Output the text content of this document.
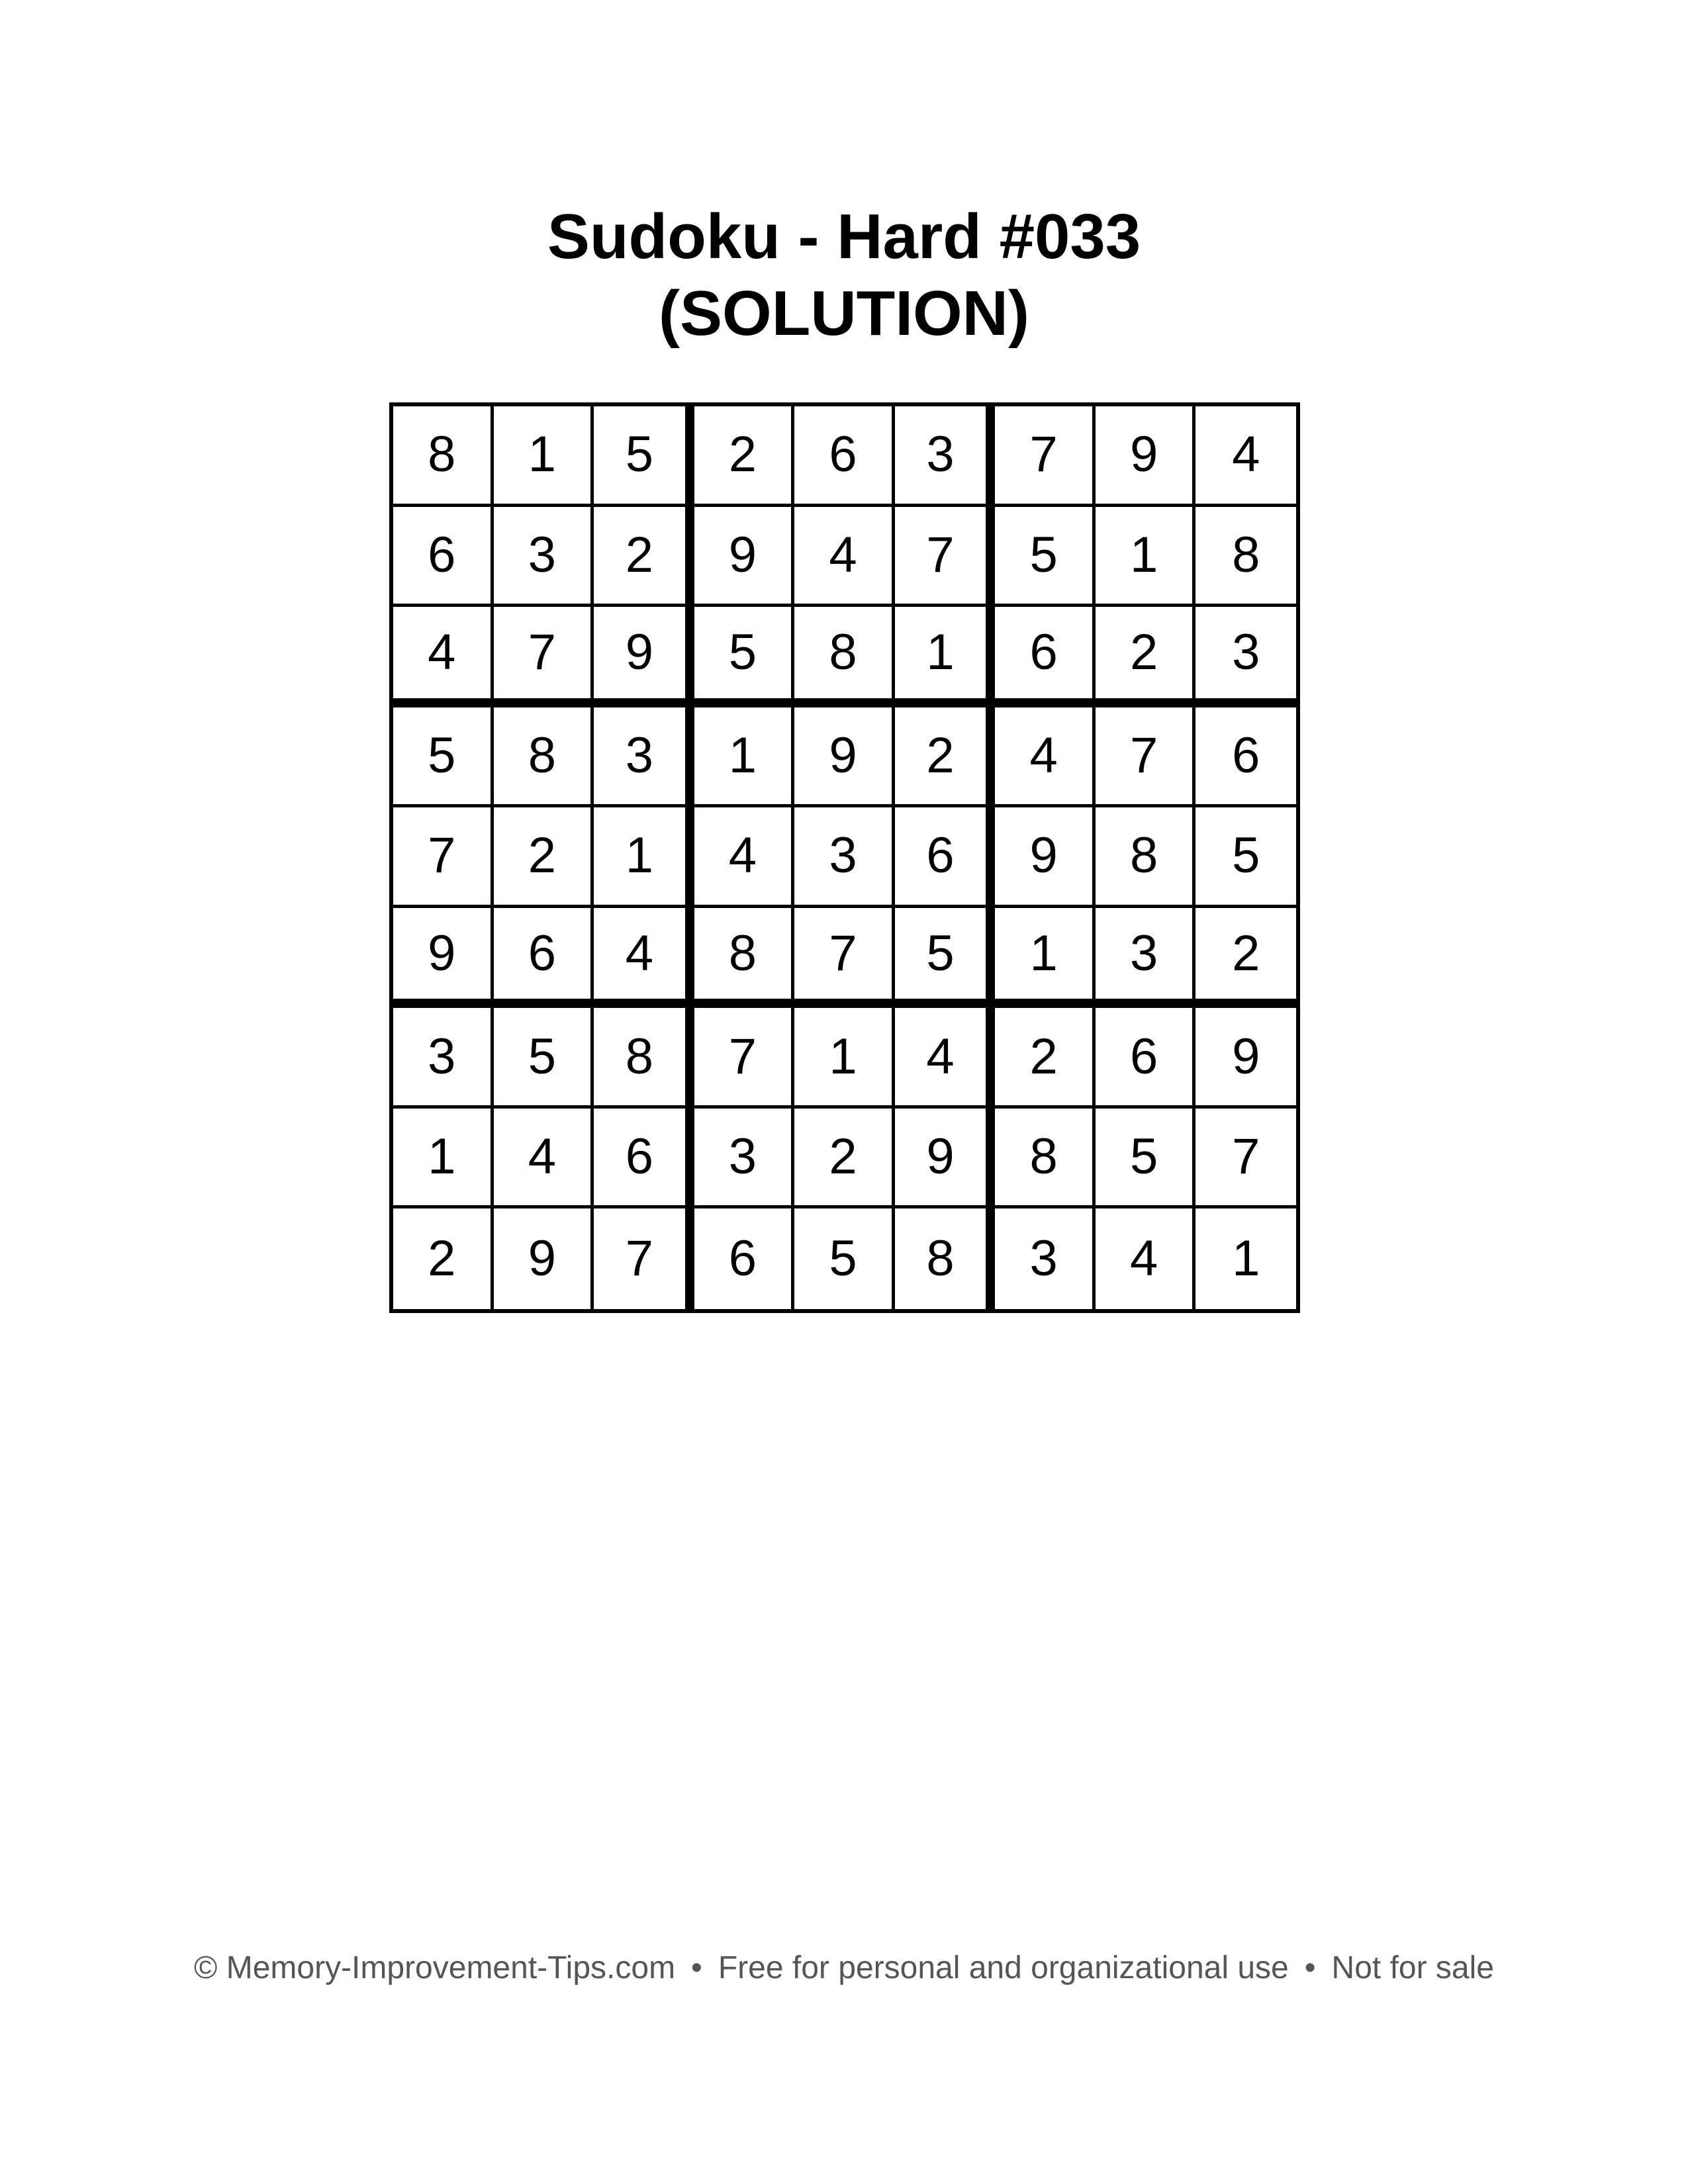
Sudoku - Hard #033
(SOLUTION)
8	1	5	2	6	3	7	9	4
6	3	2	9	4	7	5	1	8
4	7	9	5	8	1	6	2	3
5	8	3	1	9	2	4	7	6
7	2	1	4	3	6	9	8	5
9	6	4	8	7	5	1	3	2
3	5	8	7	1	4	2	6	9
1	4	6	3	2	9	8	5	7
2	9	7	6	5	8	3	4	1
© Memory-Improvement-Tips.com • Free for personal and organizational use • Not for sale
